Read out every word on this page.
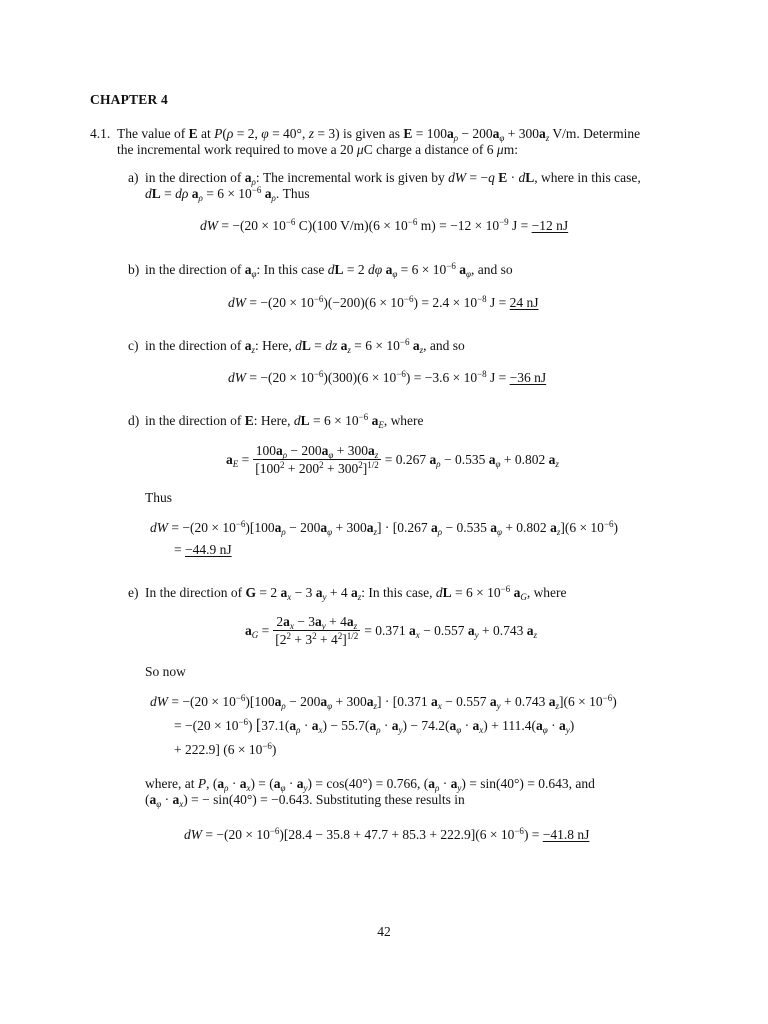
CHAPTER 4
4.1. The value of E at P(ρ = 2, φ = 40°, z = 3) is given as $E = 100a_\rho - 200a_\varphi + 300a_z$ V/m. Determine
the incremental work required to move a 20 μC charge a distance of 6 μm:
a) in the direction of $a_\rho$: The incremental work is given by dW = −q E · dL, where in this case,
dL = dρ $a_\rho = 6 \times 10^{-6}$ $a_\rho$. Thus
dW = $-(20 \times 10^{-6}$ C)(100 $V/m)(6 \times 10^{-6}$ $m) = -12 \times 10^{-9}$ J = −12 nJ
b) in the direction of $a_\varphi$: In this case dL = 2 dφ $a_\varphi = 6 \times 10^{-6}$ $a_\varphi$, and so
dW = $-(20 \times 10^{-6})(-200)(6 \times 10^{-6}) = 2.4 \times 10^{-8}$ J = 24 nJ
c) in the direction of $a_z$: Here, dL = dz $a_z = 6 \times 10^{-6}$ $a_z$, and so
dW = $-(20 \times 10^{-6})(300)(6 \times 10^{-6}) = -3.6 \times 10^{-8}$ J = −36 nJ
d) in the direction of E: Here, dL = $6 \times 10^{-6}$ $a_E$, where
$a_E = \frac{100a_\rho - 200a_\varphi + 300a_z}{[100^2 + 200^2 + 300^2]^{1/2}} = 0.267$ $a_\rho - 0.535$ $a_\varphi + 0.802$ $a_z$
Thus
dW = $-(20 \times 10^{-6})[100a_\rho - 200a_\varphi + 300a_z] \cdot [0.267$ $a_\rho - 0.535$ $a_\varphi + 0.802$ $a_z](6 \times 10^{-6})$
= −44.9 nJ
e) In the direction of G = 2 $a_x - 3$ $a_y + 4$ $a_z$: In this case, dL = $6 \times 10^{-6}$ $a_G$, where
$a_G = \frac{2a_x - 3a_y + 4a_z}{[2^2 + 3^2 + 4^2]^{1/2}} = 0.371$ $a_x - 0.557$ $a_y + 0.743$ $a_z$
So now
dW = $-(20 \times 10^{-6})[100a_\rho - 200a_\varphi + 300a_z] \cdot [0.371$ $a_x - 0.557$ $a_y + 0.743$ $a_z](6 \times 10^{-6})$
= $-(20 \times 10^{-6})$ [$37.1(a_\rho \cdot a_x) - 55.7(a_\rho \cdot a_y) - 74.2(a_\varphi \cdot a_x) + 111.4(a_\varphi \cdot a_y)$
+ 222.9] $(6 \times 10^{-6})$
where, at P, $(a_\rho \cdot a_x) = (a_\varphi \cdot a_y) = \cos(40^\circ) = 0.766$, $(a_\rho \cdot a_y) = \sin(40^\circ) = 0.643$, and
$(a_\varphi \cdot a_x)$ = − sin(40°) = −0.643. Substituting these results in
dW = $-(20 \times 10^{-6})[28.4 - 35.8 + 47.7 + 85.3 + 222.9](6 \times 10^{-6}) = -41.8$ nJ
42
